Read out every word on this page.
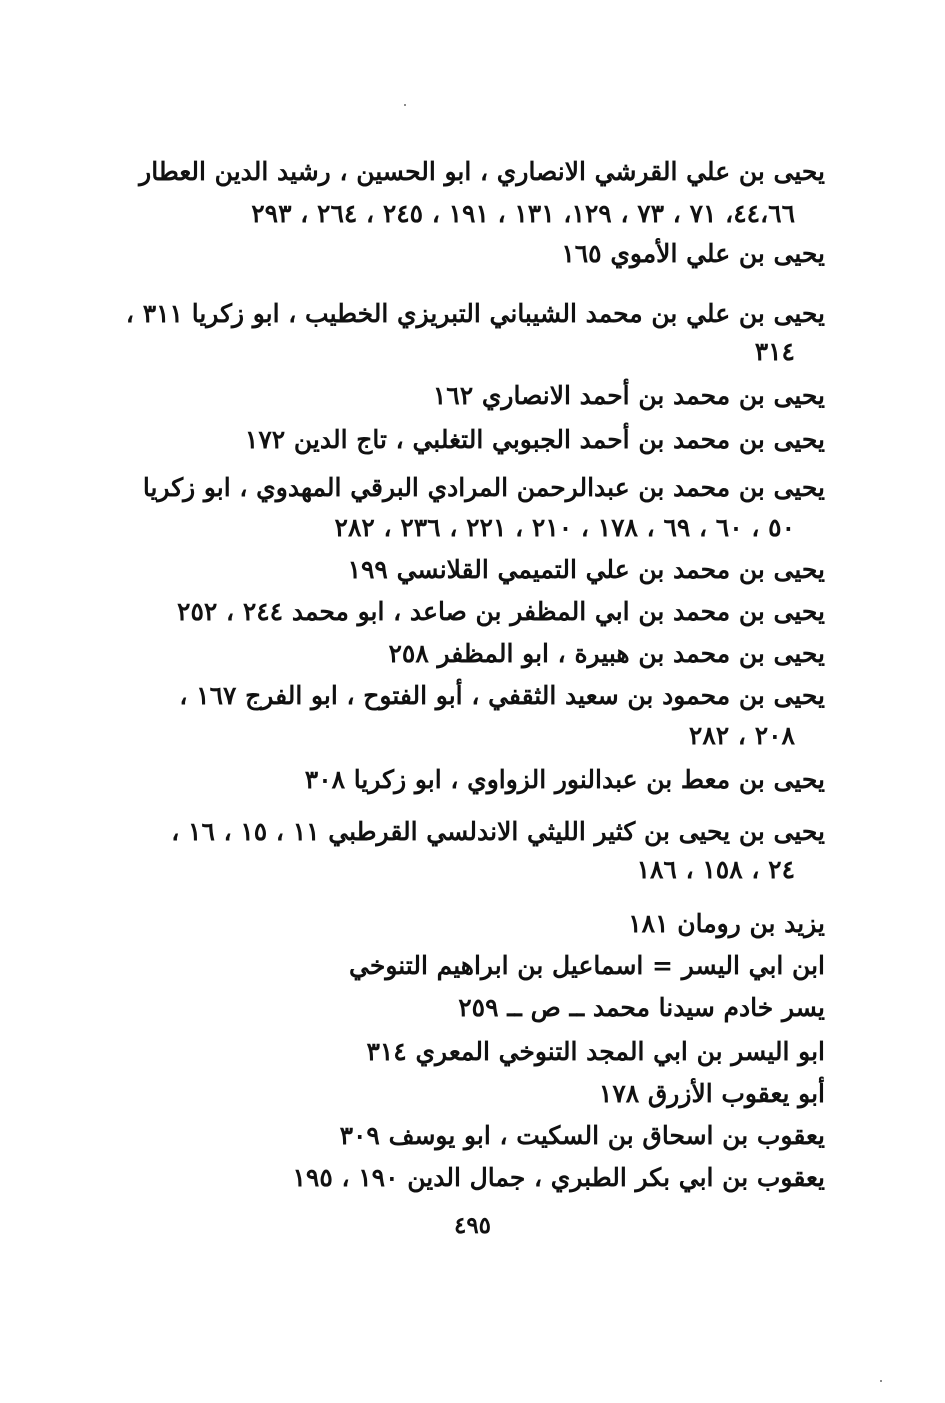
يحيى بن علي القرشي الانصاري ، ابو الحسين ، رشيد الدين العطار
٤٤،٦٦، ٧١ ، ٧٣ ، ١٢٩، ١٣١ ، ١٩١ ، ٢٤٥ ، ٢٦٤ ، ٢٩٣
يحيى بن علي الأموي ١٦٥
يحيى بن علي بن محمد الشيباني التبريزي الخطيب ، ابو زكريا ٣١١ ،
٣١٤
يحيى بن محمد بن أحمد الانصاري ١٦٢
يحيى بن محمد بن أحمد الجبوبي التغلبي ، تاج الدين ١٧٢
يحيى بن محمد بن عبدالرحمن المرادي البرقي المهدوي ، ابو زكريا
٥٠ ، ٦٠ ، ٦٩ ، ١٧٨ ، ٢١٠ ، ٢٢١ ، ٢٣٦ ، ٢٨٢
يحيى بن محمد بن علي التميمي القلانسي ١٩٩
يحيى بن محمد بن ابي المظفر بن صاعد ، ابو محمد ٢٤٤ ، ٢٥٢
يحيى بن محمد بن هبيرة ، ابو المظفر ٢٥٨
يحيى بن محمود بن سعيد الثقفي ، أبو الفتوح ، ابو الفرج ١٦٧ ،
٢٠٨ ، ٢٨٢
يحيى بن معط بن عبدالنور الزواوي ، ابو زكريا ٣٠٨
يحيى بن يحيى بن كثير الليثي الاندلسي القرطبي ١١ ، ١٥ ، ١٦ ،
٢٤ ، ١٥٨ ، ١٨٦
يزيد بن رومان ١٨١
ابن ابي اليسر = اسماعيل بن ابراهيم التنوخي
يسر خادم سيدنا محمد ــ ص ــ ٢٥٩
ابو اليسر بن ابي المجد التنوخي المعري ٣١٤
أبو يعقوب الأزرق ١٧٨
يعقوب بن اسحاق بن السكيت ، ابو يوسف ٣٠٩
يعقوب بن ابي بكر الطبري ، جمال الدين ١٩٠ ، ١٩٥
٤٩٥
